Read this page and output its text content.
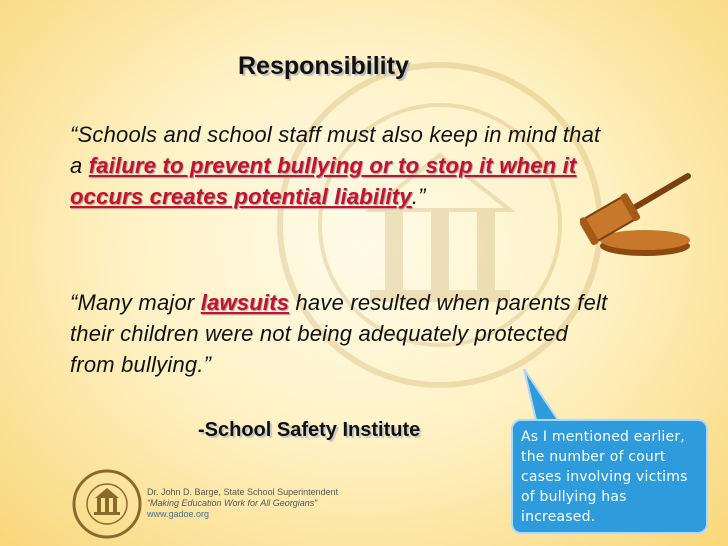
Responsibility
“Schools and school staff must also keep in mind that a failure to prevent bullying or to stop it when it occurs creates potential liability.”
“Many major lawsuits have resulted when parents felt their children were not being adequately protected from bullying.”
-School Safety Institute	As I mentioned earlier, the number of court cases involving victims of bullying has increased.
Dr. John D. Barge, State School Superintendent
“Making Education Work for All Georgians”
www.gadoe.org
